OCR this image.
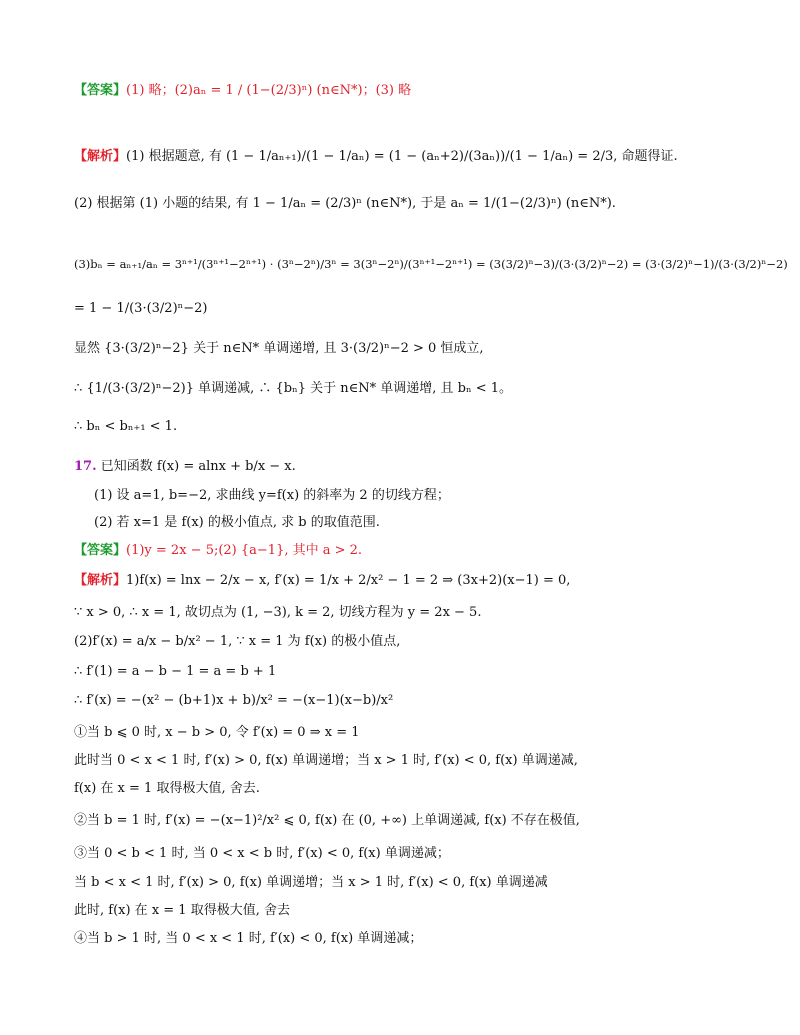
【答案】(1) 略；(2)aₙ = 1 / (1−(2/3)ⁿ) (n∈N*)；(3) 略
【解析】(1) 根据题意, 有 (1 − 1/aₙ₊₁)/(1 − 1/aₙ) = (1 − (aₙ+2)/(3aₙ))/(1 − 1/aₙ) = 2/3, 命题得证.
(2) 根据第 (1) 小题的结果, 有 1 − 1/aₙ = (2/3)ⁿ (n∈N*), 于是 aₙ = 1/(1−(2/3)ⁿ) (n∈N*).
(3)bₙ = aₙ₊₁/aₙ = 3ⁿ⁺¹/(3ⁿ⁺¹−2ⁿ⁺¹) · (3ⁿ−2ⁿ)/3ⁿ = 3(3ⁿ−2ⁿ)/(3ⁿ⁺¹−2ⁿ⁺¹) = (3(3/2)ⁿ−3)/(3·(3/2)ⁿ−2) = (3·(3/2)ⁿ−1)/(3·(3/2)ⁿ−2)
= 1 − 1/(3·(3/2)ⁿ−2)
显然 {3·(3/2)ⁿ−2} 关于 n∈N* 单调递增, 且 3·(3/2)ⁿ−2 > 0 恒成立,
∴ {1/(3·(3/2)ⁿ−2)} 单调递减, ∴ {bₙ} 关于 n∈N* 单调递增, 且 bₙ < 1。
∴ bₙ < bₙ₊₁ < 1.
17. 已知函数 f(x) = alnx + b/x − x.
(1) 设 a=1, b=−2, 求曲线 y=f(x) 的斜率为 2 的切线方程；
(2) 若 x=1 是 f(x) 的极小值点, 求 b 的取值范围.
【答案】(1)y = 2x − 5;(2) {a−1}, 其中 a > 2.
【解析】1)f(x) = lnx − 2/x − x, f′(x) = 1/x + 2/x² − 1 = 2 ⇒ (3x+2)(x−1) = 0,
∵ x > 0, ∴ x = 1, 故切点为 (1, −3), k = 2, 切线方程为 y = 2x − 5.
(2)f′(x) = a/x − b/x² − 1, ∵ x = 1 为 f(x) 的极小值点,
∴ f′(1) = a − b − 1 = a = b + 1
∴ f′(x) = −(x² − (b+1)x + b)/x² = −(x−1)(x−b)/x²
①当 b ⩽ 0 时, x − b > 0, 令 f′(x) = 0 ⇒ x = 1
此时当 0 < x < 1 时, f′(x) > 0, f(x) 单调递增；当 x > 1 时, f′(x) < 0, f(x) 单调递减,
f(x) 在 x = 1 取得极大值, 舍去.
②当 b = 1 时, f′(x) = −(x−1)²/x² ⩽ 0, f(x) 在 (0, +∞) 上单调递减, f(x) 不存在极值,
③当 0 < b < 1 时, 当 0 < x < b 时, f′(x) < 0, f(x) 单调递减；
当 b < x < 1 时, f′(x) > 0, f(x) 单调递增；当 x > 1 时, f′(x) < 0, f(x) 单调递减
此时, f(x) 在 x = 1 取得极大值, 舍去
④当 b > 1 时, 当 0 < x < 1 时, f′(x) < 0, f(x) 单调递减；
